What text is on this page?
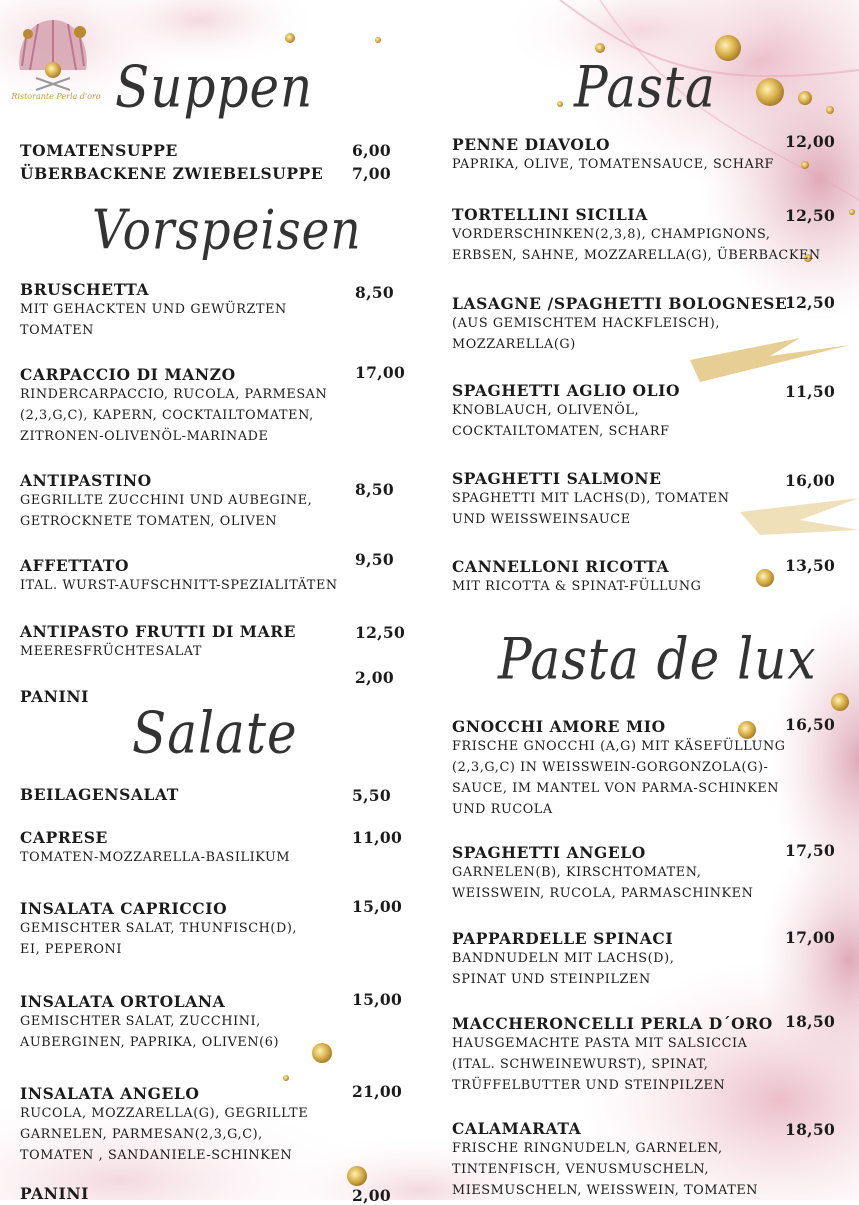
Ristorante Perla d'oro Suppen
Vorspeisen
Salate
Pasta
Pasta de lux
TOMATENSUPPE	6,00
ÜBERBACKENE ZWIEBELSUPPE 7,00
BRUSCHETTA
MIT GEHACKTEN UND GEWÜRZTEN
TOMATEN
8,50
CARPACCIO DI MANZO
RINDERCARPACCIO, RUCOLA, PARMESAN
(2,3,G,C), KAPERN, COCKTAILTOMATEN,
ZITRONEN-OLIVENÖL-MARINADE
17,00
ANTIPASTINO
GEGRILLTE ZUCCHINI UND AUBEGINE,
GETROCKNETE TOMATEN, OLIVEN
8,50
AFFETTATO
ITAL. WURST-AUFSCHNITT-SPEZIALITÄTEN
9,50
ANTIPASTO FRUTTI DI MARE
MEERESFRÜCHTESALAT
12,50
PANINI
2,00
BEILAGENSALAT	5,50
CAPRESE
TOMATEN-MOZZARELLA-BASILIKUM
11,00
INSALATA CAPRICCIO
GEMISCHTER SALAT, THUNFISCH(D),
EI, PEPERONI
15,00
INSALATA ORTOLANA
GEMISCHTER SALAT, ZUCCHINI,
AUBERGINEN, PAPRIKA, OLIVEN(6)
15,00
INSALATA ANGELO
RUCOLA, MOZZARELLA(G), GEGRILLTE
GARNELEN, PARMESAN(2,3,G,C),
TOMATEN , SANDANIELE-SCHINKEN
21,00
PANINI	2,00
PENNE DIAVOLO
PAPRIKA, OLIVE, TOMATENSAUCE, SCHARF
12,00
TORTELLINI SICILIA
VORDERSCHINKEN(2,3,8), CHAMPIGNONS,
ERBSEN, SAHNE, MOZZARELLA(G), ÜBERBACKEN
12,50
LASAGNE /SPAGHETTI BOLOGNESE
(AUS GEMISCHTEM HACKFLEISCH),
MOZZARELLA(G)
12,50
SPAGHETTI AGLIO OLIO
KNOBLAUCH, OLIVENÖL,
COCKTAILTOMATEN, SCHARF
11,50
SPAGHETTI SALMONE
SPAGHETTI MIT LACHS(D), TOMATEN
UND WEISSWEINSAUCE
16,00
CANNELLONI RICOTTA
MIT RICOTTA & SPINAT-FÜLLUNG
13,50
GNOCCHI AMORE MIO
FRISCHE GNOCCHI (A,G) MIT KÄSEFÜLLUNG
(2,3,G,C) IN WEISSWEIN-GORGONZOLA(G)-
SAUCE, IM MANTEL VON PARMA-SCHINKEN
UND RUCOLA
16,50
SPAGHETTI ANGELO
GARNELEN(B), KIRSCHTOMATEN,
WEISSWEIN, RUCOLA, PARMASCHINKEN
17,50
PAPPARDELLE SPINACI
BANDNUDELN MIT LACHS(D),
SPINAT UND STEINPILZEN
17,00
MACCHERONCELLI PERLA D´ORO
HAUSGEMACHTE PASTA MIT SALSICCIA
(ITAL. SCHWEINEWURST), SPINAT,
TRÜFFELBUTTER UND STEINPILZEN
18,50
CALAMARATA
FRISCHE RINGNUDELN, GARNELEN,
TINTENFISCH, VENUSMUSCHELN,
MIESMUSCHELN, WEISSWEIN, TOMATEN
18,50
